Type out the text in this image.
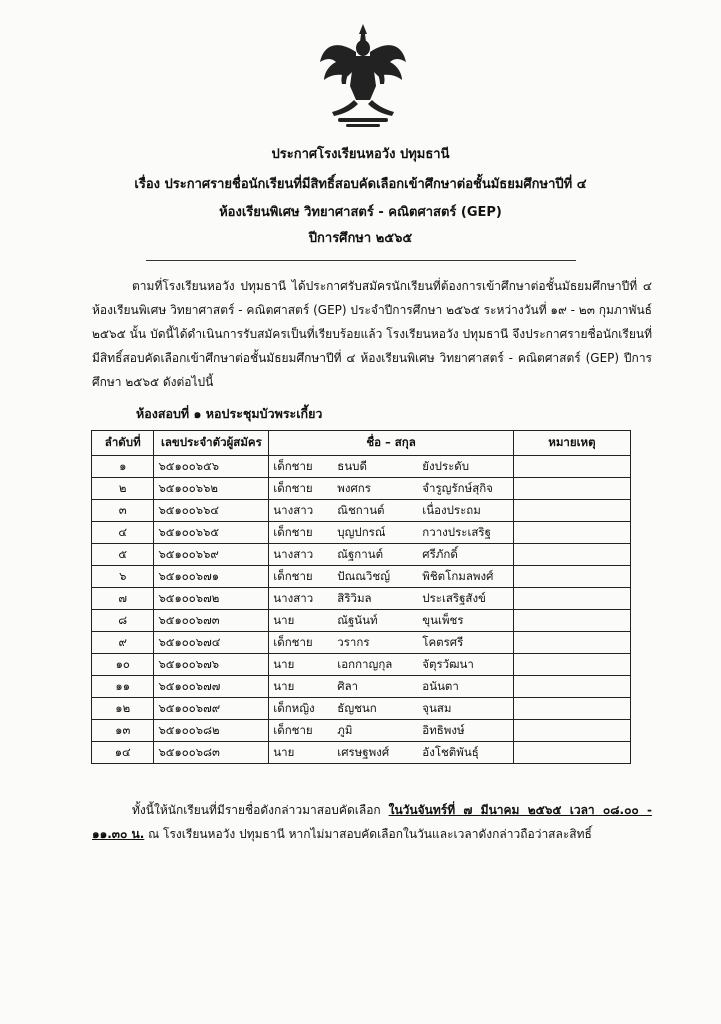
ประกาศโรงเรียนหอวัง ปทุมธานี
เรื่อง ประกาศรายชื่อนักเรียนที่มีสิทธิ์สอบคัดเลือกเข้าศึกษาต่อชั้นมัธยมศึกษาปีที่ ๔
ห้องเรียนพิเศษ วิทยาศาสตร์ - คณิตศาสตร์ (GEP)
ปีการศึกษา ๒๕๖๕
ตามที่โรงเรียนหอวัง ปทุมธานี ได้ประกาศรับสมัครนักเรียนที่ต้องการเข้าศึกษาต่อชั้นมัธยมศึกษาปีที่ ๔ ห้องเรียนพิเศษ วิทยาศาสตร์ - คณิตศาสตร์ (GEP) ประจำปีการศึกษา ๒๕๖๕ ระหว่างวันที่ ๑๙ - ๒๓ กุมภาพันธ์ ๒๕๖๕ นั้น บัดนี้ได้ดำเนินการรับสมัครเป็นที่เรียบร้อยแล้ว โรงเรียนหอวัง ปทุมธานี จึงประกาศรายชื่อนักเรียนที่มีสิทธิ์สอบคัดเลือกเข้าศึกษาต่อชั้นมัธยมศึกษาปีที่ ๔ ห้องเรียนพิเศษ วิทยาศาสตร์ - คณิตศาสตร์ (GEP) ปีการศึกษา ๒๕๖๕ ดังต่อไปนี้
ห้องสอบที่ ๑ หอประชุมบัวพระเกี้ยว
ลำดับที่	เลขประจำตัวผู้สมัคร	ชื่อ – สกุล	หมายเหตุ
๑	๖๕๑๐๐๖๕๖	เด็กชาย ธนบดี ยังประดับ	
๒	๖๕๑๐๐๖๖๒	เด็กชาย พงศกร จำรูญรักษ์สุกิจ	
๓	๖๕๑๐๐๖๖๔	นางสาว ณิชกานต์ เนื่องประถม	
๔	๖๕๑๐๐๖๖๕	เด็กชาย บุญปกรณ์ กวางประเสริฐ	
๕	๖๕๑๐๐๖๖๙	นางสาว ณัฐกานต์ ศรีภักดิ์	
๖	๖๕๑๐๐๖๗๑	เด็กชาย ปัณณวิชญ์ พิชิตโกมลพงศ์	
๗	๖๕๑๐๐๖๗๒	นางสาว สิริวิมล ประเสริฐสังข์	
๘	๖๕๑๐๐๖๗๓	นาย ณัฐนันท์ ขุนเพ็ชร	
๙	๖๕๑๐๐๖๗๔	เด็กชาย วรากร โคตรศรี	
๑๐	๖๕๑๐๐๖๗๖	นาย เอกกาญกุล จัตุรวัฒนา	
๑๑	๖๕๑๐๐๖๗๗	นาย ศิลา อนันตา	
๑๒	๖๕๑๐๐๖๗๙	เด็กหญิง ธัญชนก จุนสม	
๑๓	๖๕๑๐๐๖๘๒	เด็กชาย ภูมิ อิทธิพงษ์	
๑๔	๖๕๑๐๐๖๘๓	นาย เศรษฐพงศ์ อังโชติพันธุ์	
ทั้งนี้ให้นักเรียนที่มีรายชื่อดังกล่าวมาสอบคัดเลือก ในวันจันทร์ที่ ๗ มีนาคม ๒๕๖๕ เวลา ๐๘.๐๐ - ๑๑.๓๐ น. ณ โรงเรียนหอวัง ปทุมธานี หากไม่มาสอบคัดเลือกในวันและเวลาดังกล่าวถือว่าสละสิทธิ์
